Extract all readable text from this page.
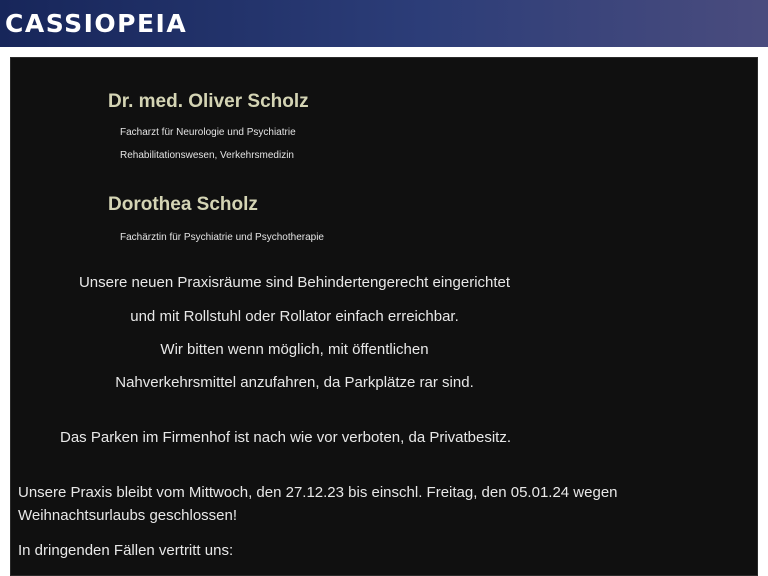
CASSIOPEIA
Dr. med. Oliver Scholz

Facharzt für Neurologie und Psychiatrie

Rehabilitationswesen, Verkehrsmedizin

Dorothea Scholz

Fachärztin für Psychiatrie und Psychotherapie

Unsere neuen Praxisräume sind Behindertengerecht eingerichtet

und mit Rollstuhl oder Rollator einfach erreichbar.

Wir bitten wenn möglich, mit öffentlichen

Nahverkehrsmittel anzufahren, da Parkplätze rar sind.

Das Parken im Firmenhof ist nach wie vor verboten, da Privatbesitz.

Unsere Praxis bleibt vom Mittwoch, den 27.12.23 bis einschl. Freitag, den 05.01.24 wegen Weihnachtsurlaubs geschlossen!

In dringenden Fällen vertritt uns:
